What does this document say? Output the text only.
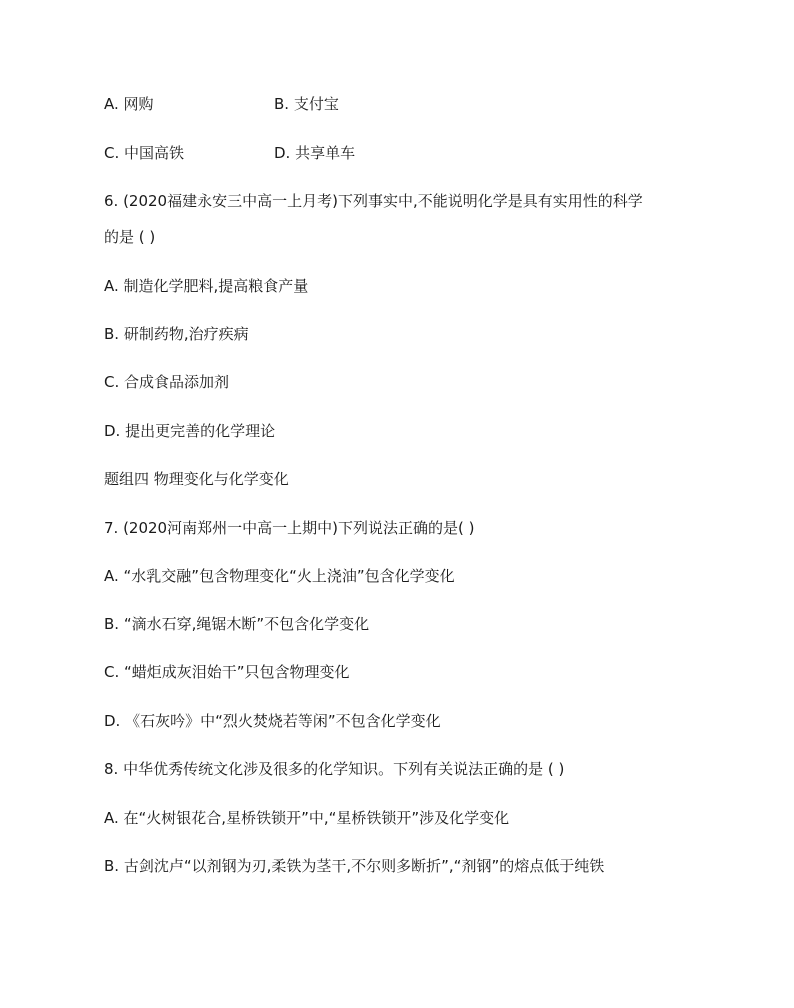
A. 网购	B. 支付宝
C. 中国高铁	D. 共享单车
6. (2020福建永安三中高一上月考)下列事实中,不能说明化学是具有实用性的科学
的是 ( )
A. 制造化学肥料,提高粮食产量
B. 研制药物,治疗疾病
C. 合成食品添加剂
D. 提出更完善的化学理论
题组四 物理变化与化学变化
7. (2020河南郑州一中高一上期中)下列说法正确的是( )
A. “水乳交融”包含物理变化“火上浇油”包含化学变化
B. “滴水石穿,绳锯木断”不包含化学变化
C. “蜡炬成灰泪始干”只包含物理变化
D. 《石灰吟》中“烈火焚烧若等闲”不包含化学变化
8. 中华优秀传统文化涉及很多的化学知识。下列有关说法正确的是 ( )
A. 在“火树银花合,星桥铁锁开”中,“星桥铁锁开”涉及化学变化
B. 古剑沈卢“以剂钢为刃,柔铁为茎干,不尔则多断折”,“剂钢”的熔点低于纯铁
